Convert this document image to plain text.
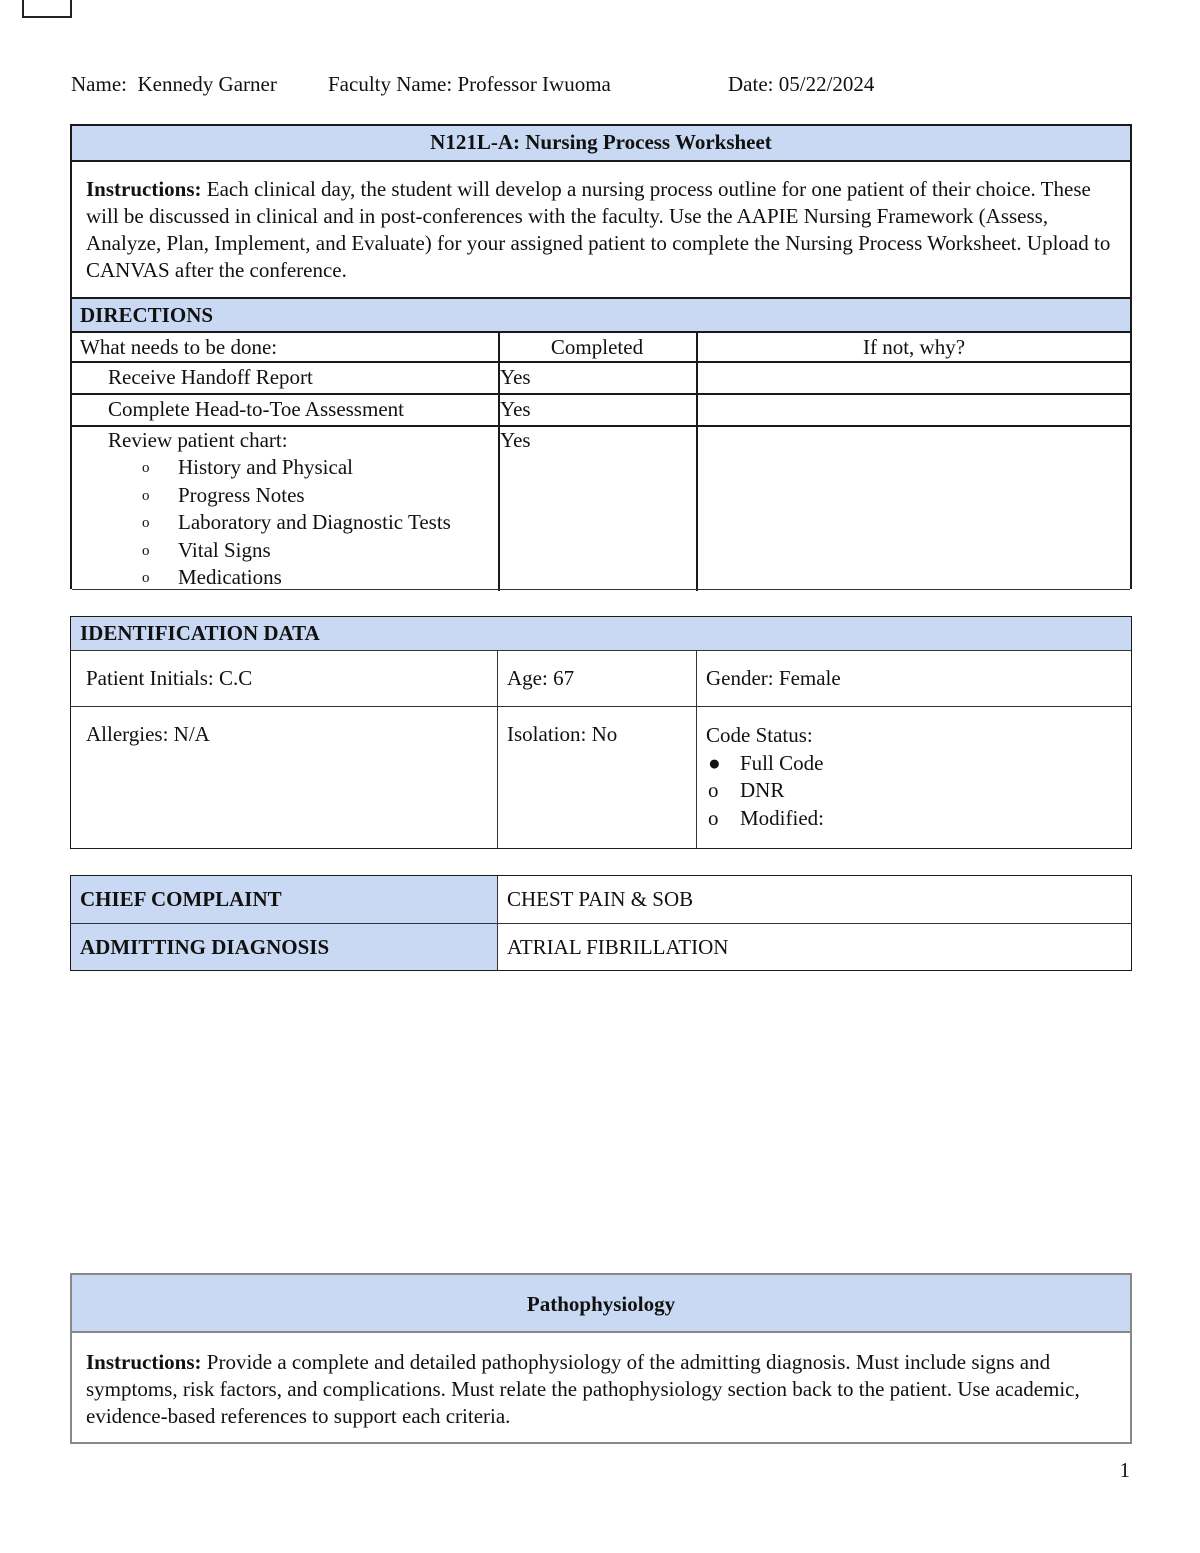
Name:  Kennedy Garner Faculty Name: Professor Iwuoma	Date: 05/22/2024
N121L-A: Nursing Process Worksheet
Instructions: Each clinical day, the student will develop a nursing process outline for one patient of their choice. These will be discussed in clinical and in post-conferences with the faculty. Use the AAPIE Nursing Framework (Assess, Analyze, Plan, Implement, and Evaluate) for your assigned patient to complete the Nursing Process Worksheet. Upload to CANVAS after the conference.
DIRECTIONS
What needs to be done:	Completed	If not, why?
Receive Handoff Report	Yes
Complete Head-to-Toe Assessment	Yes
Review patient chart:	Yes
o History and Physical
o Progress Notes
o Laboratory and Diagnostic Tests
o Vital Signs
o Medications
IDENTIFICATION DATA
Patient Initials: C.C	Age: 67	Gender: Female
Allergies: N/A	Isolation: No	Code Status:
● Full Code
o DNR
o Modified:
CHIEF COMPLAINT	CHEST PAIN & SOB
ADMITTING DIAGNOSIS	ATRIAL FIBRILLATION
Pathophysiology
Instructions: Provide a complete and detailed pathophysiology of the admitting diagnosis. Must include signs and symptoms, risk factors, and complications. Must relate the pathophysiology section back to the patient. Use academic, evidence-based references to support each criteria.
1
